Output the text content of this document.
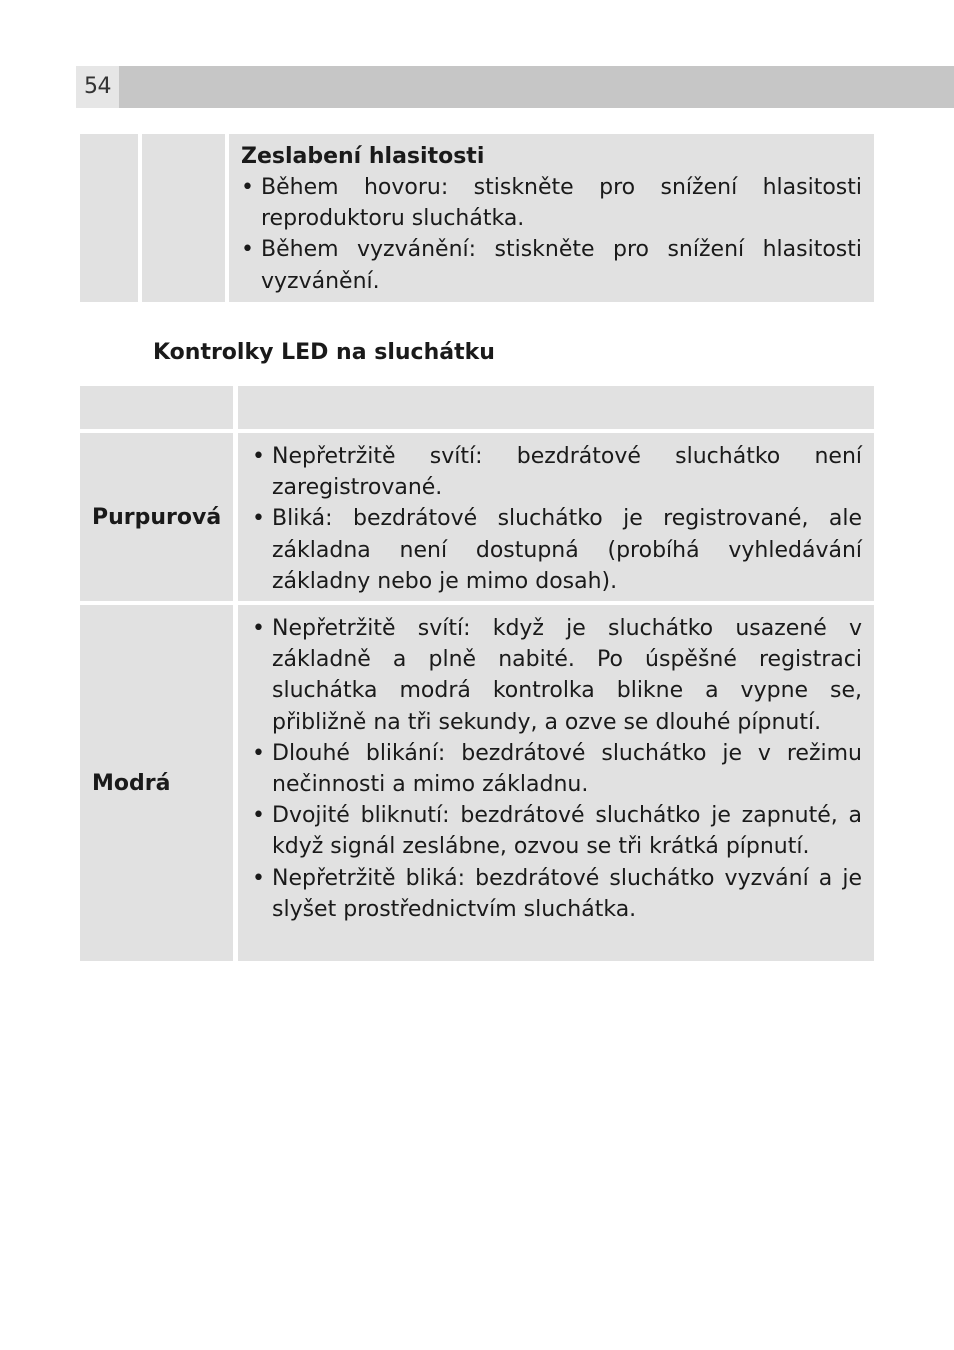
54
Zeslabení hlasitosti
• Během hovoru: stiskněte pro snížení hlasitosti reproduktoru sluchátka.
• Během vyzvánění: stiskněte pro snížení hlasitosti vyzvánění.
Kontrolky LED na sluchátku
Purpurová
• Nepřetržitě svítí: bezdrátové sluchátko není zaregistrované.
• Bliká: bezdrátové sluchátko je registrované, ale základna není dostupná (probíhá vyhledávání základny nebo je mimo dosah).
Modrá
• Nepřetržitě svítí: když je sluchátko usazené v základně a plně nabité. Po úspěšné registraci sluchátka modrá kontrolka blikne a vypne se, přibližně na tři sekundy, a ozve se dlouhé pípnutí.
• Dlouhé blikání: bezdrátové sluchátko je v režimu nečinnosti a mimo základnu.
• Dvojité bliknutí: bezdrátové sluchátko je zapnuté, a když signál zeslábne, ozvou se tři krátká pípnutí.
• Nepřetržitě bliká: bezdrátové sluchátko vyzvání a je slyšet prostřednictvím sluchátka.
